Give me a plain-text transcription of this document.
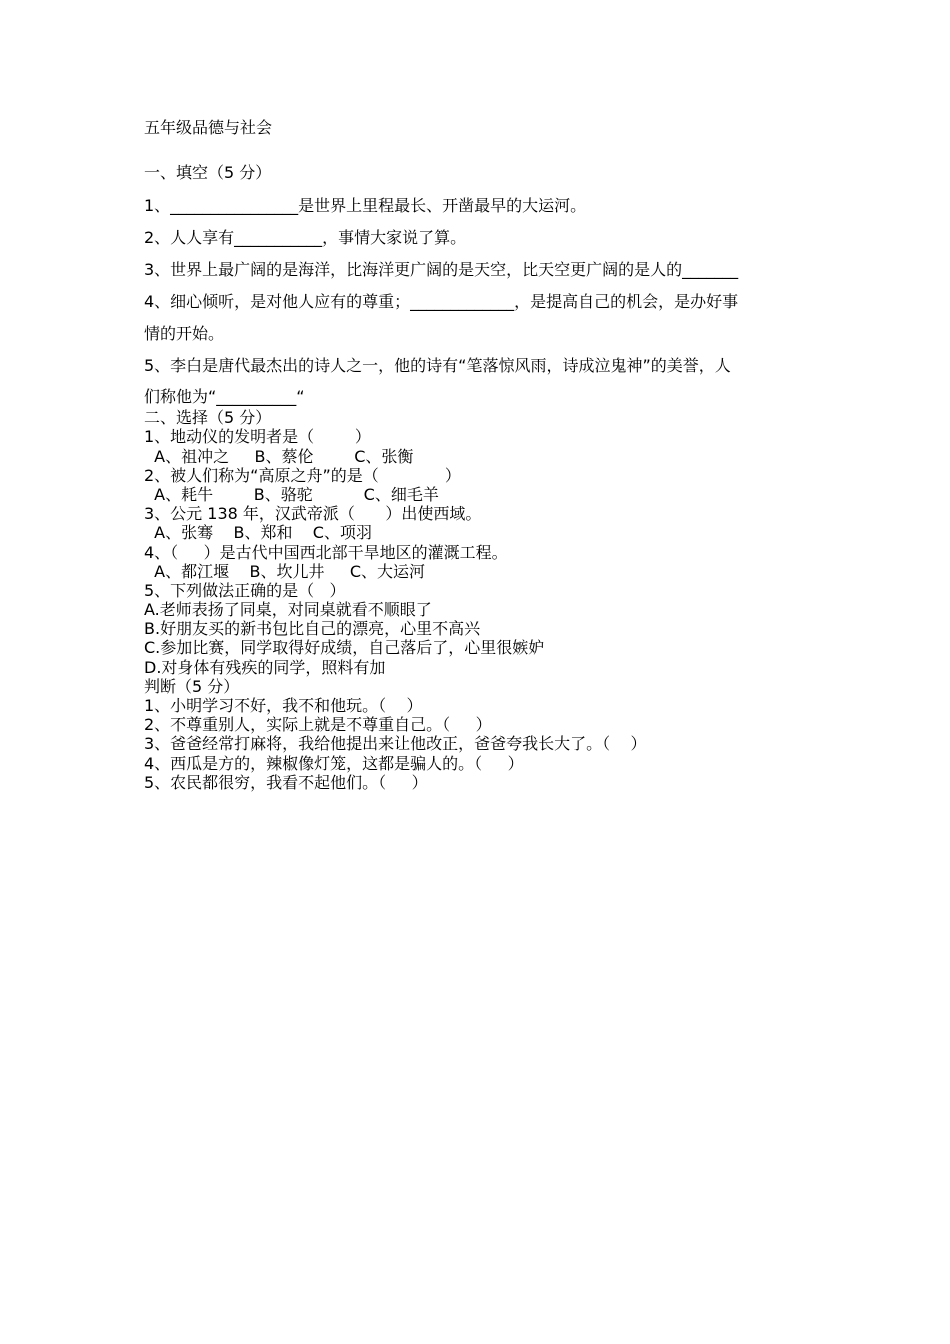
五年级品德与社会

一、填空（5 分）

1、________________是世界上里程最长、开凿最早的大运河。

2、人人享有___________，事情大家说了算。

3、世界上最广阔的是海洋，比海洋更广阔的是天空，比天空更广阔的是人的_______

4、细心倾听，是对他人应有的尊重；_____________，是提高自己的机会，是办好事

情的开始。

5、李白是唐代最杰出的诗人之一，他的诗有“笔落惊风雨，诗成泣鬼神”的美誉，人

们称他为“__________“

二、选择（5 分）

1、地动仪的发明者是（        ）

A、祖冲之     B、蔡伦        C、张衡

2、被人们称为“高原之舟”的是（             ）

A、耗牛        B、骆驼          C、细毛羊

3、公元 138 年，汉武帝派（      ）出使西域。

A、张骞    B、郑和    C、项羽

4、（     ）是古代中国西北部干旱地区的灌溉工程。

A、都江堰    B、坎儿井     C、大运河

5、下列做法正确的是（   ）

A.老师表扬了同桌，对同桌就看不顺眼了

B.好朋友买的新书包比自己的漂亮，心里不高兴

C.参加比赛，同学取得好成绩，自己落后了，心里很嫉妒

D.对身体有残疾的同学，照料有加

判断（5 分）

1、小明学习不好，我不和他玩。（    ）

2、不尊重别人，实际上就是不尊重自己。（     ）

3、爸爸经常打麻将，我给他提出来让他改正，爸爸夸我长大了。（    ）

4、西瓜是方的，辣椒像灯笼，这都是骗人的。（     ）

5、农民都很穷，我看不起他们。（     ）
